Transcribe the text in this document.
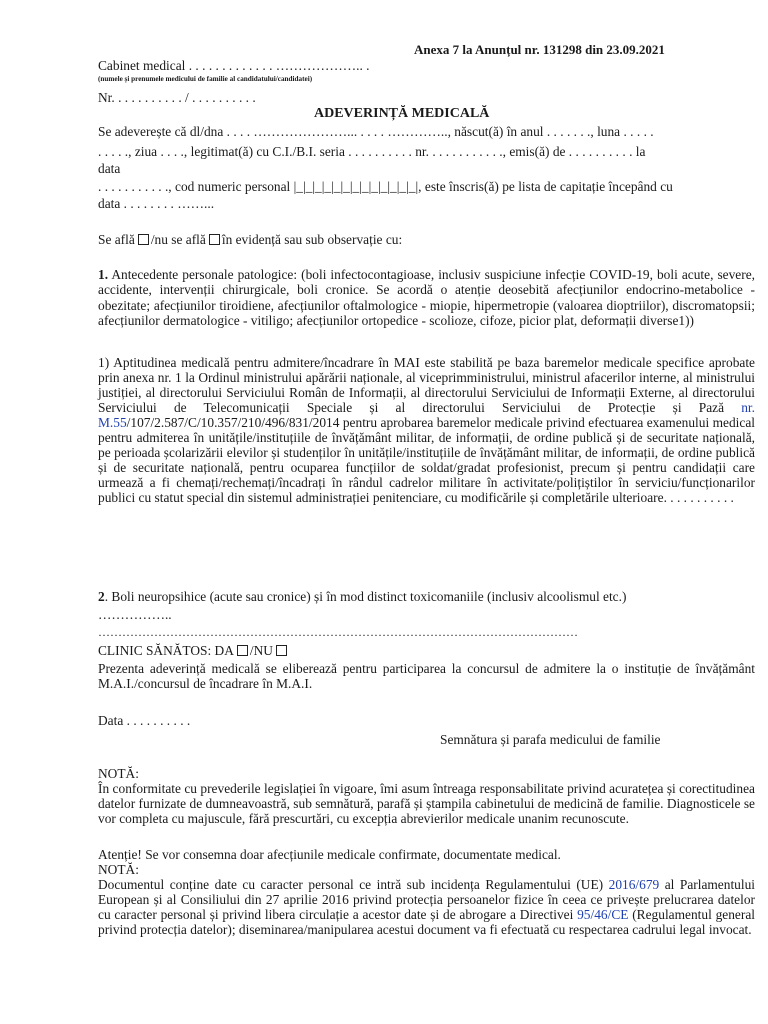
Anexa 7 la Anunțul nr. 131298 din 23.09.2021
Cabinet medical . . . . . . . . . . . . . ……………….. .
(numele și prenumele medicului de familie al candidatului/candidatei)
Nr. . . . . . . . . . . / . . . . . . . . . .
ADEVERINȚĂ MEDICALĂ
Se adeverește că dl/dna . . . . …………………... . . . . ………….., născut(ă) în anul . . . . . . ., luna . . . . .
. . . . ., ziua . . . ., legitimat(ă) cu C.I./B.I. seria . . . . . . . . . . nr. . . . . . . . . . . ., emis(ă) de . . . . . . . . . . la
data
. . . . . . . . . . ., cod numeric personal |_|_|_|_|_|_|_|_|_|_|_|_|_|, este înscris(ă) pe lista de capitație începând cu
data . . . . . . . . ……...
Se află /nu se află în evidență sau sub observație cu:
1. Antecedente personale patologice: (boli infectocontagioase, inclusiv suspiciune infecție COVID-19, boli acute, severe, accidente, intervenții chirurgicale, boli cronice. Se acordă o atenție deosebită afecțiunilor endocrino-metabolice - obezitate; afecțiunilor tiroidiene, afecțiunilor oftalmologice - miopie, hipermetropie (valoarea dioptriilor), discromatopsii; afecțiunilor dermatologice - vitiligo; afecțiunilor ortopedice - scolioze, cifoze, picior plat, deformații diverse1))
1) Aptitudinea medicală pentru admitere/încadrare în MAI este stabilită pe baza baremelor medicale specifice aprobate prin anexa nr. 1 la Ordinul ministrului apărării naționale, al viceprimministrului, ministrul afacerilor interne, al ministrului justiției, al directorului Serviciului Român de Informații, al directorului Serviciului de Informații Externe, al directorului Serviciului de Telecomunicații Speciale și al directorului Serviciului de Protecție și Pază nr. M.55/107/2.587/C/10.357/210/496/831/2014 pentru aprobarea baremelor medicale privind efectuarea examenului medical pentru admiterea în unitățile/instituțiile de învățământ militar, de informații, de ordine publică și de securitate națională, pe perioada școlarizării elevilor și studenților în unitățile/instituțiile de învățământ militar, de informații, de ordine publică și de securitate națională, pentru ocuparea funcțiilor de soldat/gradat profesionist, precum și pentru candidații care urmează a fi chemați/rechemați/încadrați în rândul cadrelor militare în activitate/polițiștilor în serviciu/funcționarilor publici cu statut special din sistemul administrației penitenciare, cu modificările și completările ulterioare. . . . . . . . . . .
2. Boli neuropsihice (acute sau cronice) și în mod distinct toxicomaniile (inclusiv alcoolismul etc.)
……………..
…………………………………………………………………………………………………………
CLINIC SĂNĂTOS: DA /NU
Prezenta adeverință medicală se eliberează pentru participarea la concursul de admitere la o instituție de învățământ M.A.I./concursul de încadrare în M.A.I.
Data . . . . . . . . . .
Semnătura și parafa medicului de familie
NOTĂ:
În conformitate cu prevederile legislației în vigoare, îmi asum întreaga responsabilitate privind acuratețea și corectitudinea datelor furnizate de dumneavoastră, sub semnătură, parafă și ștampila cabinetului de medicină de familie. Diagnosticele se vor completa cu majuscule, fără prescurtări, cu excepția abrevierilor medicale unanim recunoscute.
Atenție! Se vor consemna doar afecțiunile medicale confirmate, documentate medical.
NOTĂ:
Documentul conține date cu caracter personal ce intră sub incidența Regulamentului (UE) 2016/679 al Parlamentului European și al Consiliului din 27 aprilie 2016 privind protecția persoanelor fizice în ceea ce privește prelucrarea datelor cu caracter personal și privind libera circulație a acestor date și de abrogare a Directivei 95/46/CE (Regulamentul general privind protecția datelor); diseminarea/manipularea acestui document va fi efectuată cu respectarea cadrului legal invocat.
